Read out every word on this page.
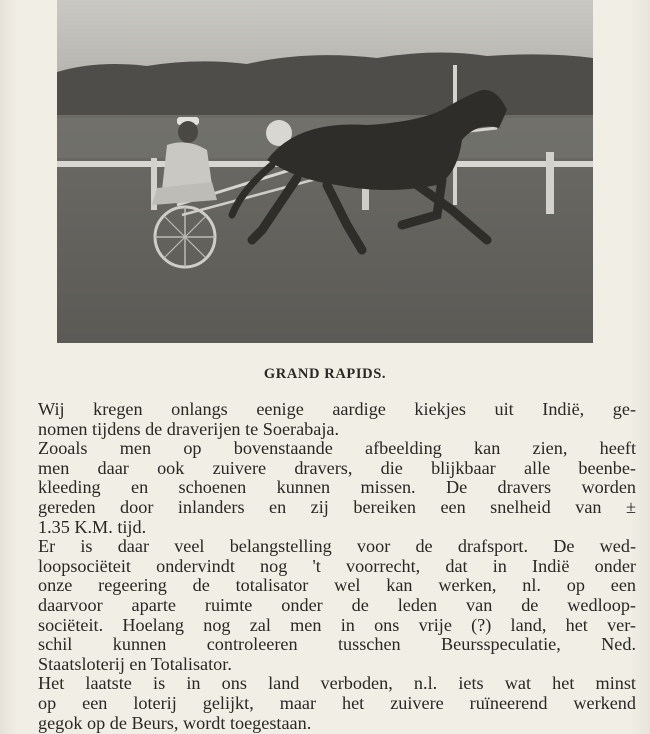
GRAND RAPIDS.
Wij kregen onlangs eenige aardige kiekjes uit Indië, ge-
nomen tijdens de draverijen te Soerabaja.
Zooals men op bovenstaande afbeelding kan zien, heeft
men daar ook zuivere dravers, die blijkbaar alle beenbe-
kleeding en schoenen kunnen missen. De dravers worden
gereden door inlanders en zij bereiken een snelheid van ±
1.35 K.M. tijd.
Er is daar veel belangstelling voor de drafsport. De wed-
loopsociëteit ondervindt nog 't voorrecht, dat in Indië onder
onze regeering de totalisator wel kan werken, nl. op een
daarvoor aparte ruimte onder de leden van de wedloop-
sociëteit. Hoelang nog zal men in ons vrije (?) land, het ver-
schil kunnen controleeren tusschen Beursspeculatie, Ned.
Staatsloterij en Totalisator.
Het laatste is in ons land verboden, n.l. iets wat het minst
op een loterij gelijkt, maar het zuivere ruïneerend werkend
gegok op de Beurs, wordt toegestaan.
